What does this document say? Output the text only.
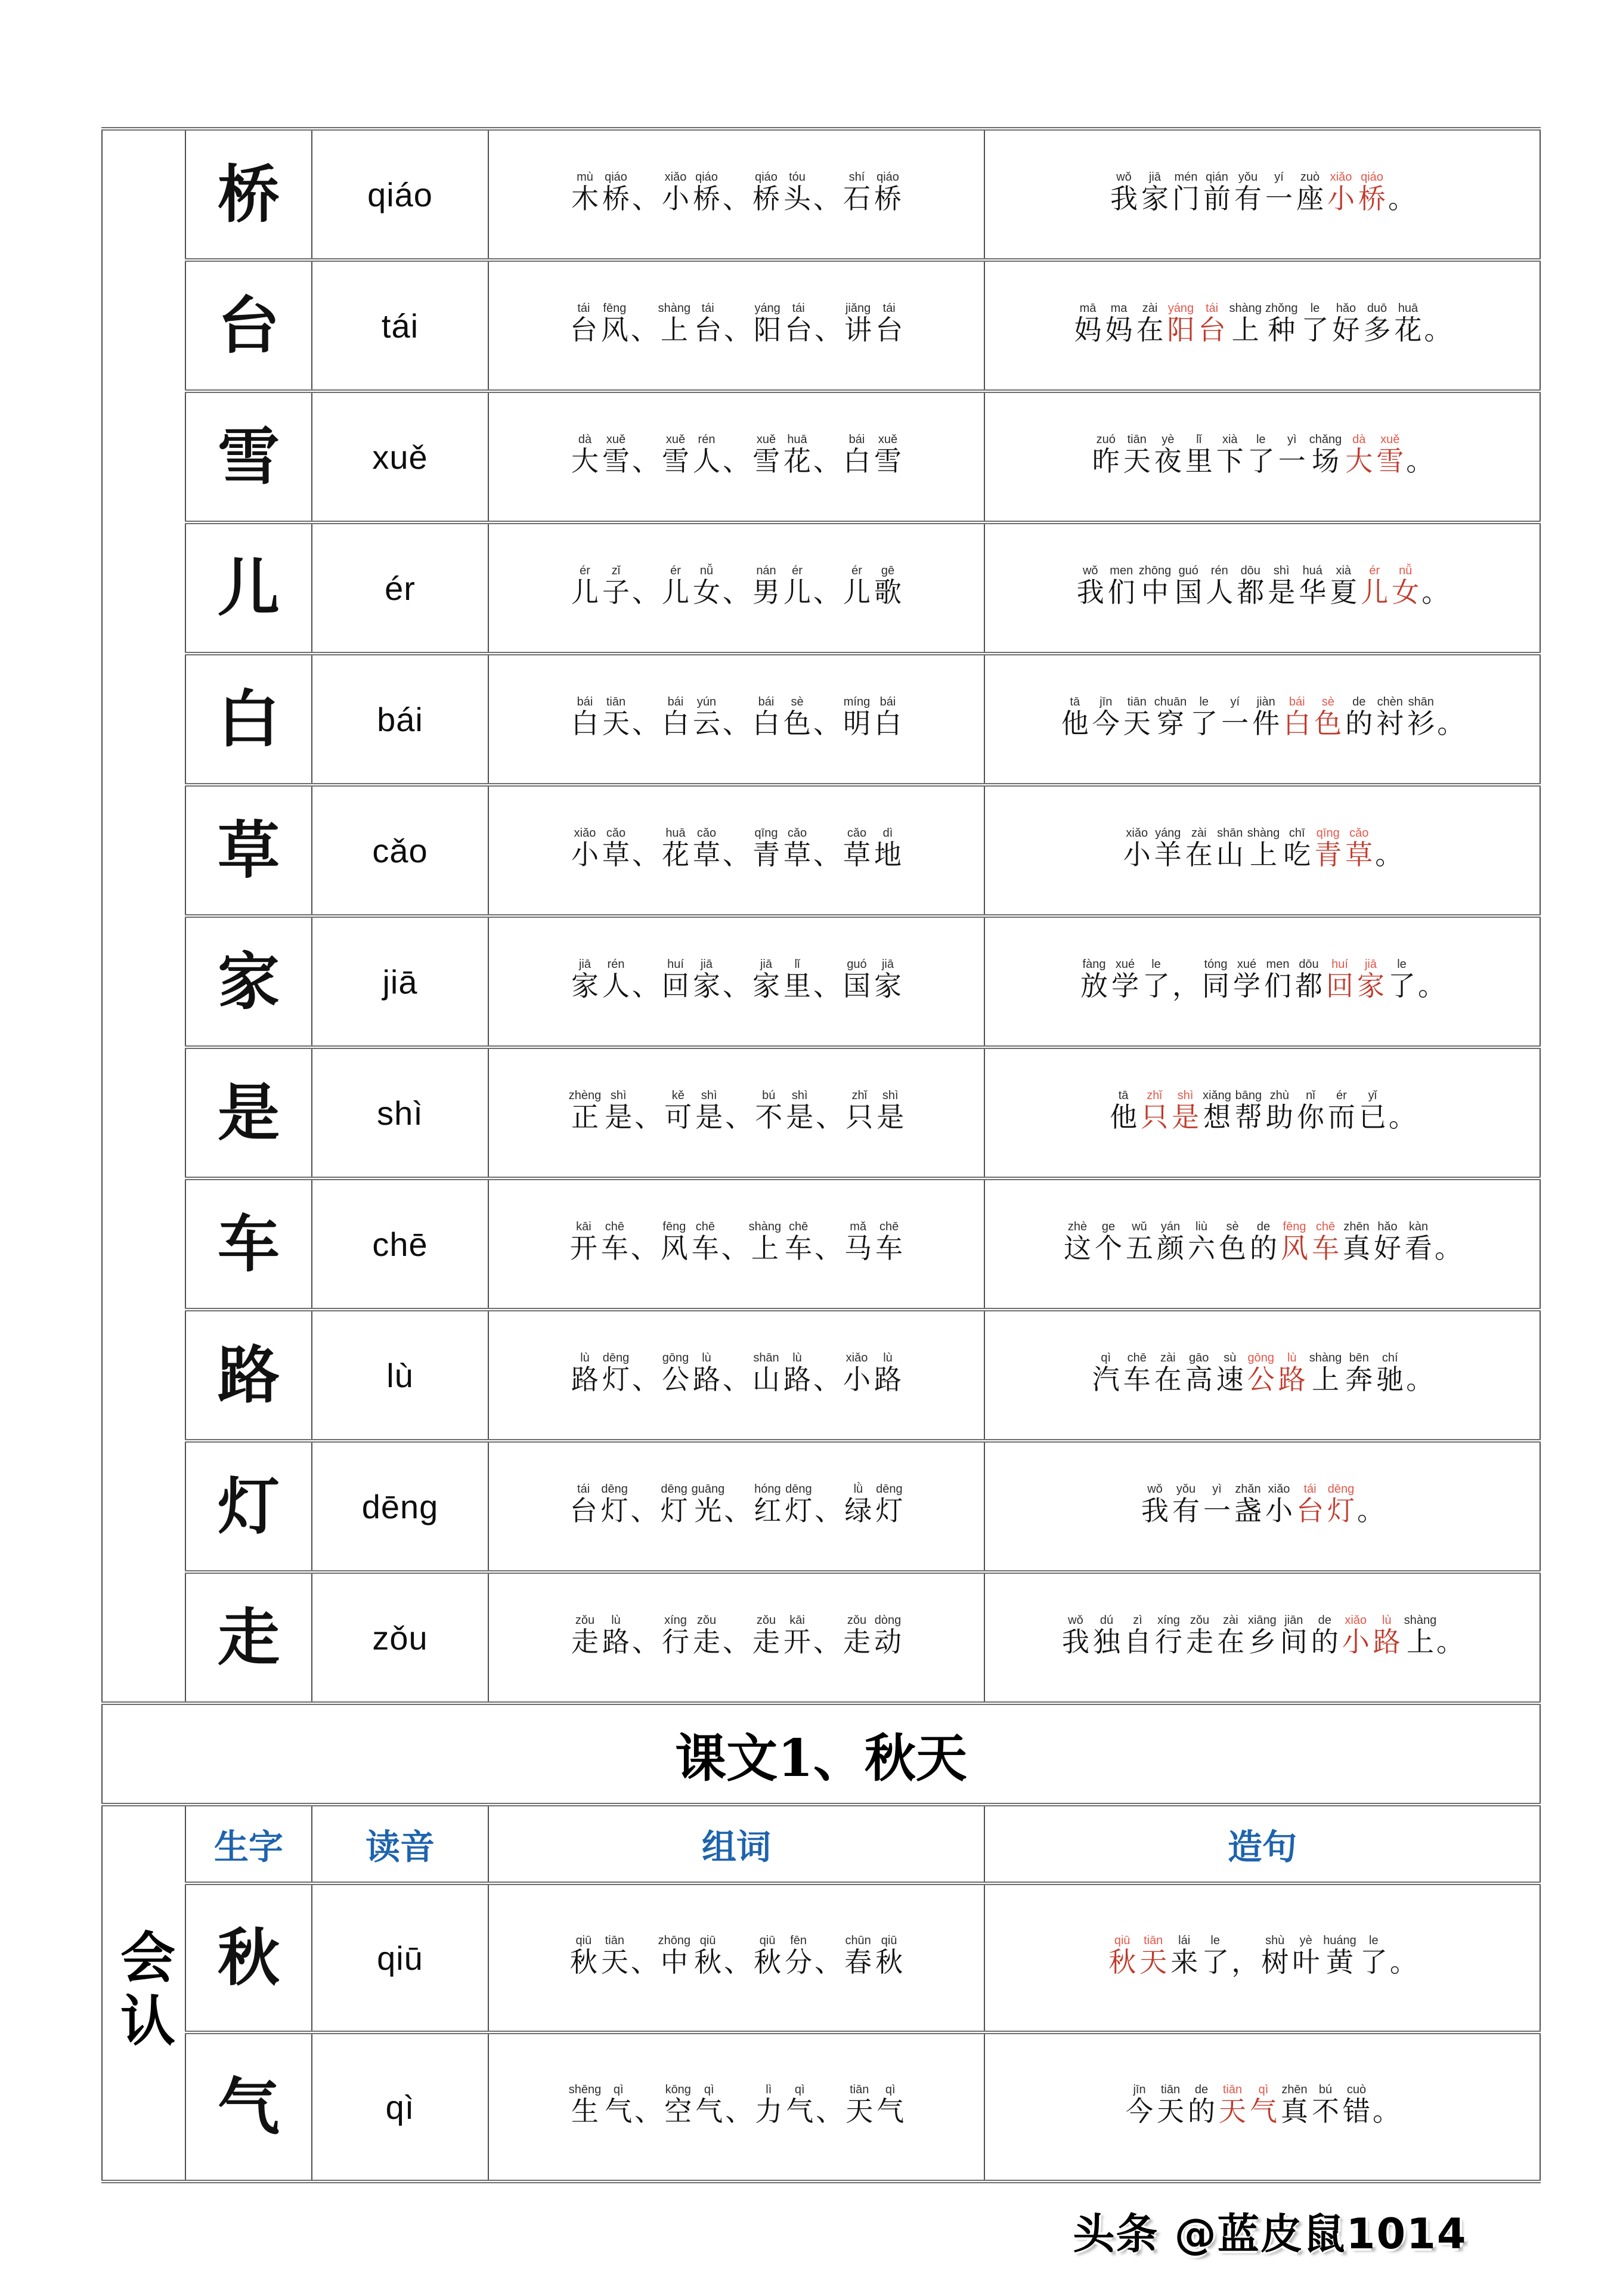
	桥	qiáo	木mù桥qiáo、小xiǎo桥qiáo、桥qiáo头tóu、石shí桥qiáo	我wǒ家jiā门mén前qián有yǒu一yí座zuò小xiǎo桥qiáo。
	台	tái	台tái风fēng、上shàng台tái、阳yáng台tái、讲jiǎng台tái	妈mā妈ma在zài阳yáng台tái上shàng种zhǒng了le好hǎo多duō花huā。
	雪	xuě	大dà雪xuě、雪xuě人rén、雪xuě花huā、白bái雪xuě	昨zuó天tiān夜yè里lǐ下xià了le一yì场chǎng大dà雪xuě。
	儿	ér	儿ér子zǐ、儿ér女nǚ、男nán儿ér、儿ér歌gē	我wǒ们men中zhōng国guó人rén都dōu是shì华huá夏xià儿ér女nǚ。
	白	bái	白bái天tiān、白bái云yún、白bái色sè、明míng白bái	他tā今jīn天tiān穿chuān了le一yí件jiàn白bái色sè的de衬chèn衫shān。
	草	cǎo	小xiǎo草cǎo、花huā草cǎo、青qīng草cǎo、草cǎo地dì	小xiǎo羊yáng在zài山shān上shàng吃chī青qīng草cǎo。
	家	jiā	家jiā人rén、回huí家jiā、家jiā里lǐ、国guó家jiā	放fàng学xué了le，同tóng学xué们men都dōu回huí家jiā了le。
	是	shì	正zhèng是shì、可kě是shì、不bú是shì、只zhǐ是shì	他tā只zhǐ是shì想xiǎng帮bāng助zhù你nǐ而ér已yǐ。
	车	chē	开kāi车chē、风fēng车chē、上shàng车chē、马mǎ车chē	这zhè个ge五wǔ颜yán六liù色sè的de风fēng车chē真zhēn好hǎo看kàn。
	路	lù	路lù灯dēng、公gōng路lù、山shān路lù、小xiǎo路lù	汽qì车chē在zài高gāo速sù公gōng路lù上shàng奔bēn驰chí。
	灯	dēng	台tái灯dēng、灯dēng光guāng、红hóng灯dēng、绿lǜ灯dēng	我wǒ有yǒu一yì盏zhǎn小xiǎo台tái灯dēng。
	走	zǒu	走zǒu路lù、行xíng走zǒu、走zǒu开kāi、走zǒu动dòng	我wǒ独dú自zì行xíng走zǒu在zài乡xiāng间jiān的de小xiǎo路lù上shàng。
课文1、秋天				
会认	生字	读音	组词	造句
	秋	qiū	秋qiū天tiān、中zhōng秋qiū、秋qiū分fēn、春chūn秋qiū	秋qiū天tiān来lái了le，树shù叶yè黄huáng了le。
	气	qì	生shēng气qì、空kōng气qì、力lì气qì、天tiān气qì	今jīn天tiān的de天tiān气qì真zhēn不bú错cuò。
头条 @蓝皮鼠1014
